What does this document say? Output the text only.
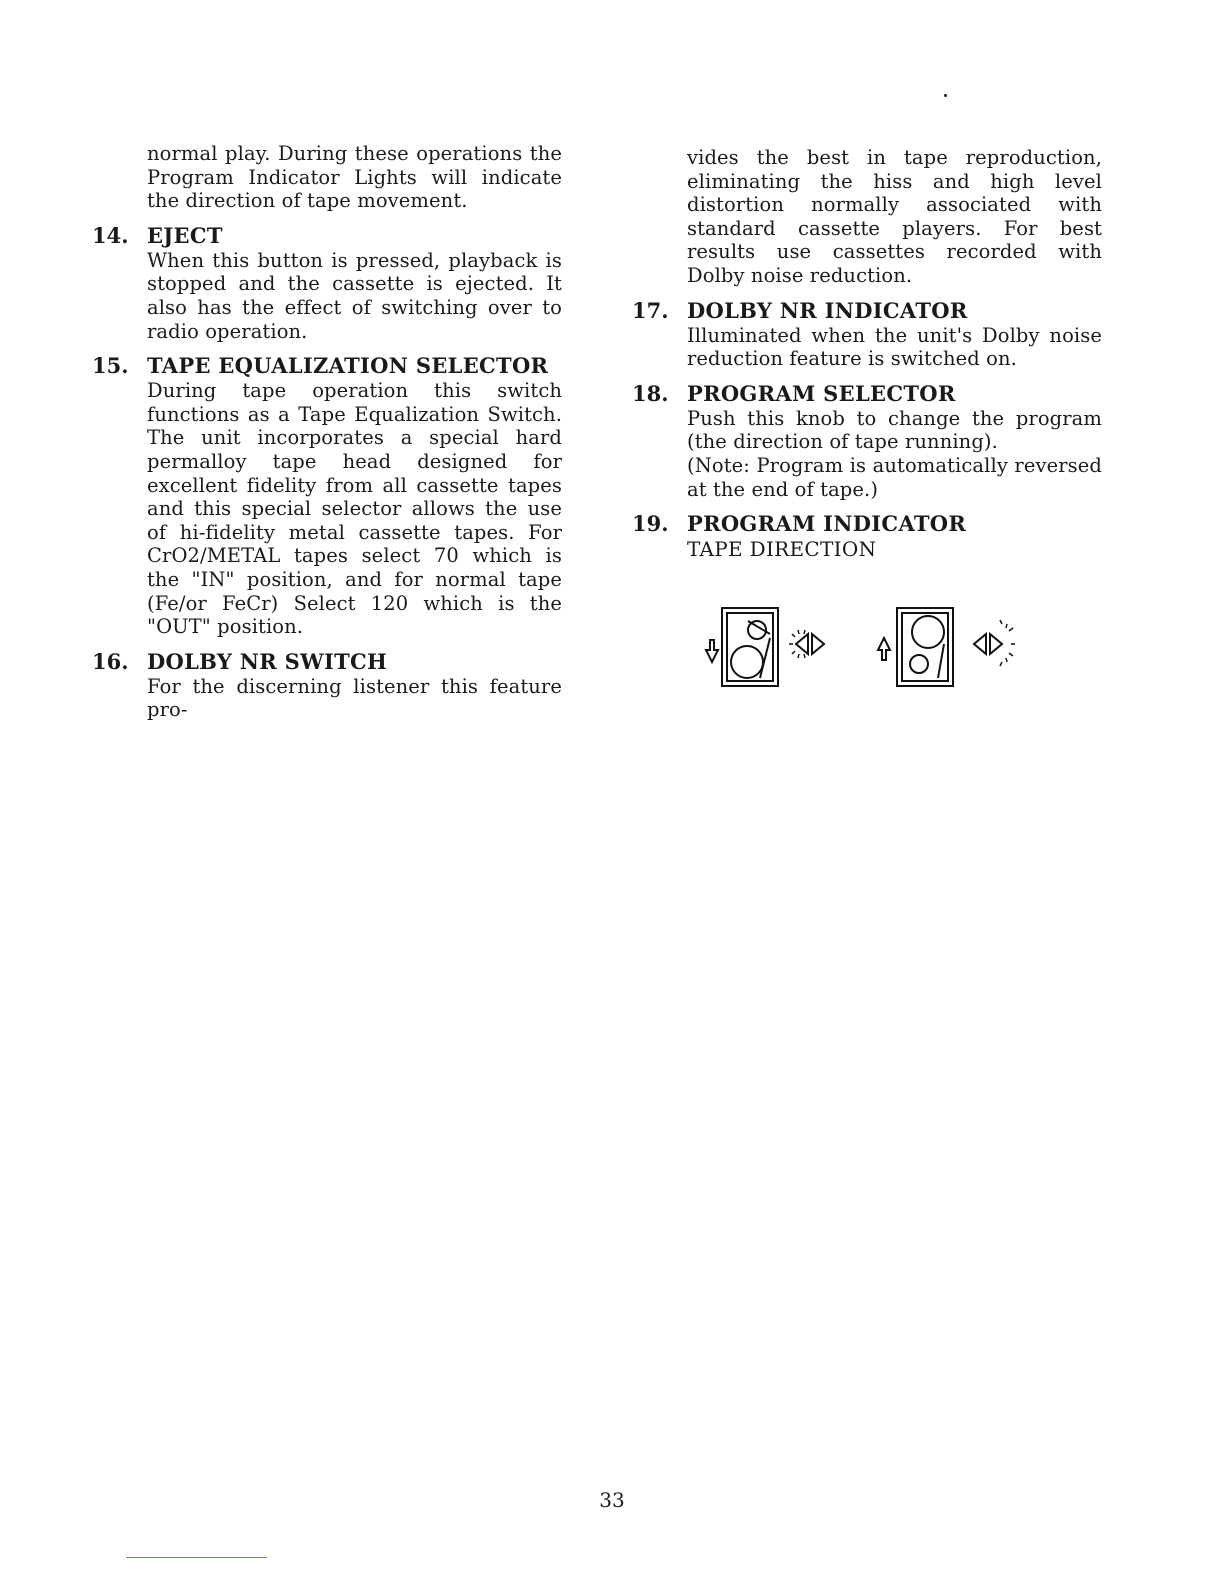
normal play. During these operations the Program Indicator Lights will indicate the direction of tape movement.
14. EJECT
When this button is pressed, playback is stopped and the cassette is ejected. It also has the effect of switching over to radio operation.
15. TAPE EQUALIZATION SELECTOR
During tape operation this switch functions as a Tape Equalization Switch. The unit incorporates a special hard permalloy tape head designed for excellent fidelity from all cassette tapes and this special selector allows the use of hi-fidelity metal cassette tapes. For CrO2/METAL tapes select 70 which is the "IN" position, and for normal tape (Fe/or FeCr) Select 120 which is the "OUT" position.
16. DOLBY NR SWITCH
For the discerning listener this feature pro-
vides the best in tape reproduction, eliminating the hiss and high level distortion normally associated with standard cassette players. For best results use cassettes recorded with Dolby noise reduction.
17. DOLBY NR INDICATOR
Illuminated when the unit's Dolby noise reduction feature is switched on.
18. PROGRAM SELECTOR
Push this knob to change the program (the direction of tape running).
(Note: Program is automatically reversed at the end of tape.)
19. PROGRAM INDICATOR
TAPE DIRECTION
33
